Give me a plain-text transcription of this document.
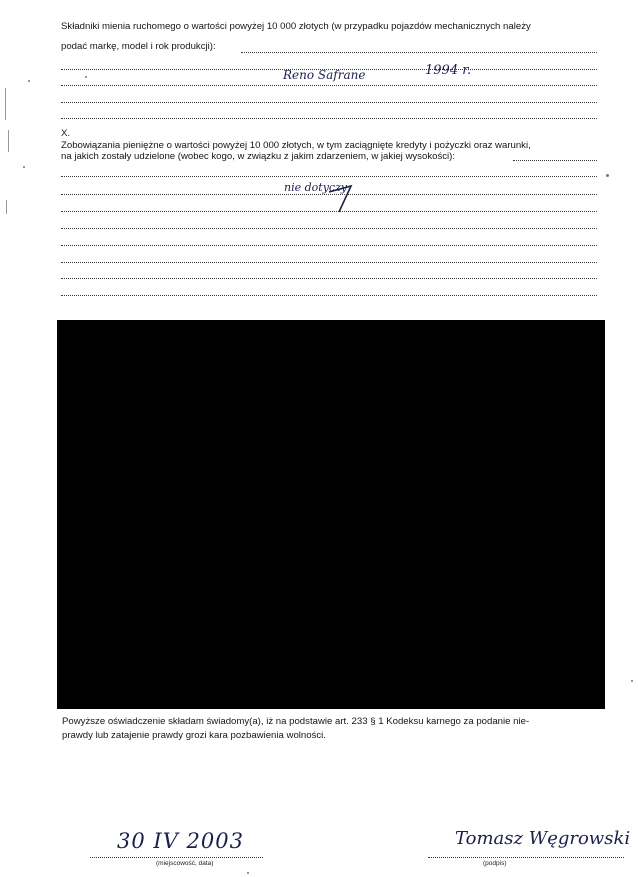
Składniki mienia ruchomego o wartości powyżej 10 000 złotych (w przypadku pojazdów mechanicznych należy
podać markę, model i rok produkcji):
Reno Safrane	1994 r.
X.
Zobowiązania pieniężne o wartości powyżej 10 000 złotych, w tym zaciągnięte kredyty i pożyczki oraz warunki,
na jakich zostały udzielone (wobec kogo, w związku z jakim zdarzeniem, w jakiej wysokości):
nie dotyczy
Powyższe oświadczenie składam świadomy(a), iż na podstawie art. 233 § 1 Kodeksu karnego za podanie nie-
prawdy lub zatajenie prawdy grozi kara pozbawienia wolności.
30 IV 2003
(miejscowość, data)
Tomasz Węgrowski
(podpis)
